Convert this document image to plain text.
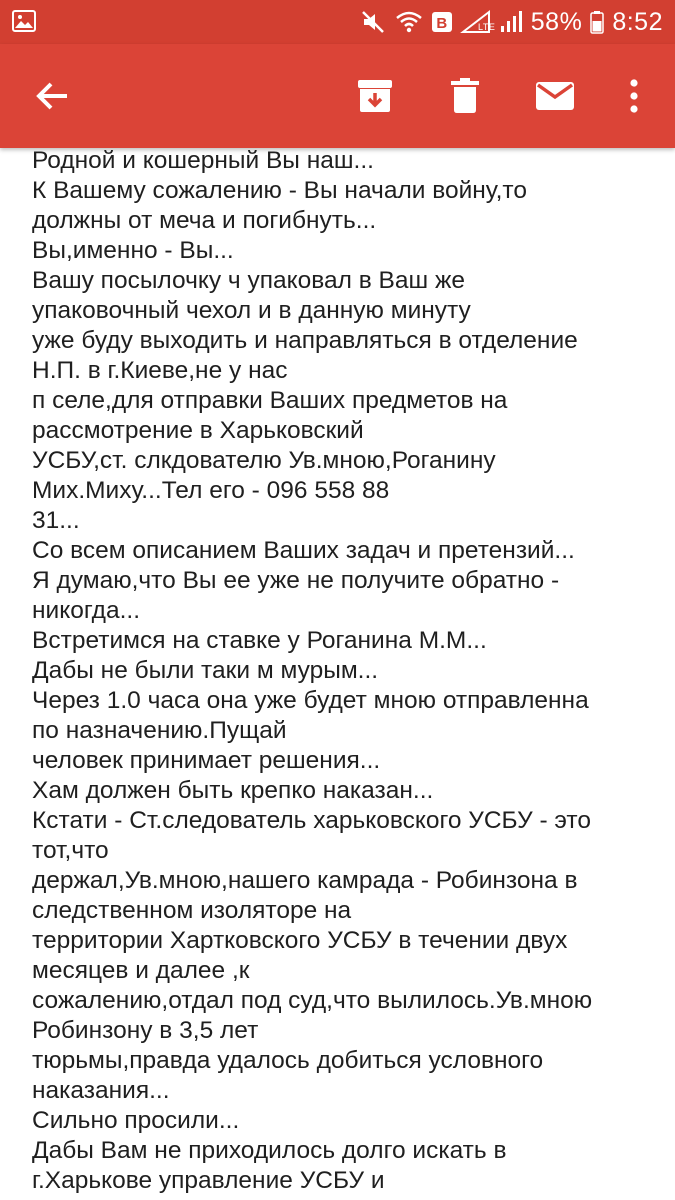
B	LTE 58% 8:52
Родной и кошерный Вы наш...
К Вашему сожалению - Вы начали войну,то
должны от меча и погибнуть...
Вы,именно - Вы...
Вашу посылочку ч упаковал в Ваш же
упаковочный чехол и в данную минуту
уже буду выходить и направляться в отделение
Н.П. в г.Киеве,не у нас
п селе,для отправки Ваших предметов на
рассмотрение в Харьковский
УСБУ,ст. слкдователю Ув.мною,Роганину
Мих.Миху...Тел его - 096 558 88
31...
Со всем описанием Ваших задач и претензий...
Я думаю,что Вы ее уже не получите обратно -
никогда...
Встретимся на ставке у Роганина М.М...
Дабы не были таки м мурым...
Через 1.0 часа она уже будет мною отправленна
по назначению.Пущай
человек принимает решения...
Хам должен быть крепко наказан...
Кстати - Ст.следователь харьковского УСБУ - это
тот,что
держал,Ув.мною,нашего камрада - Робинзона в
следственном изоляторе на
территории Хартковского УСБУ в течении двух
месяцев и далее ,к
сожалению,отдал под суд,что вылилось.Ув.мною
Робинзону в 3,5 лет
тюрьмы,правда удалось добиться условного
наказания...
Сильно просили...
Дабы Вам не приходилось долго искать в
г.Харькове управление УСБУ и
